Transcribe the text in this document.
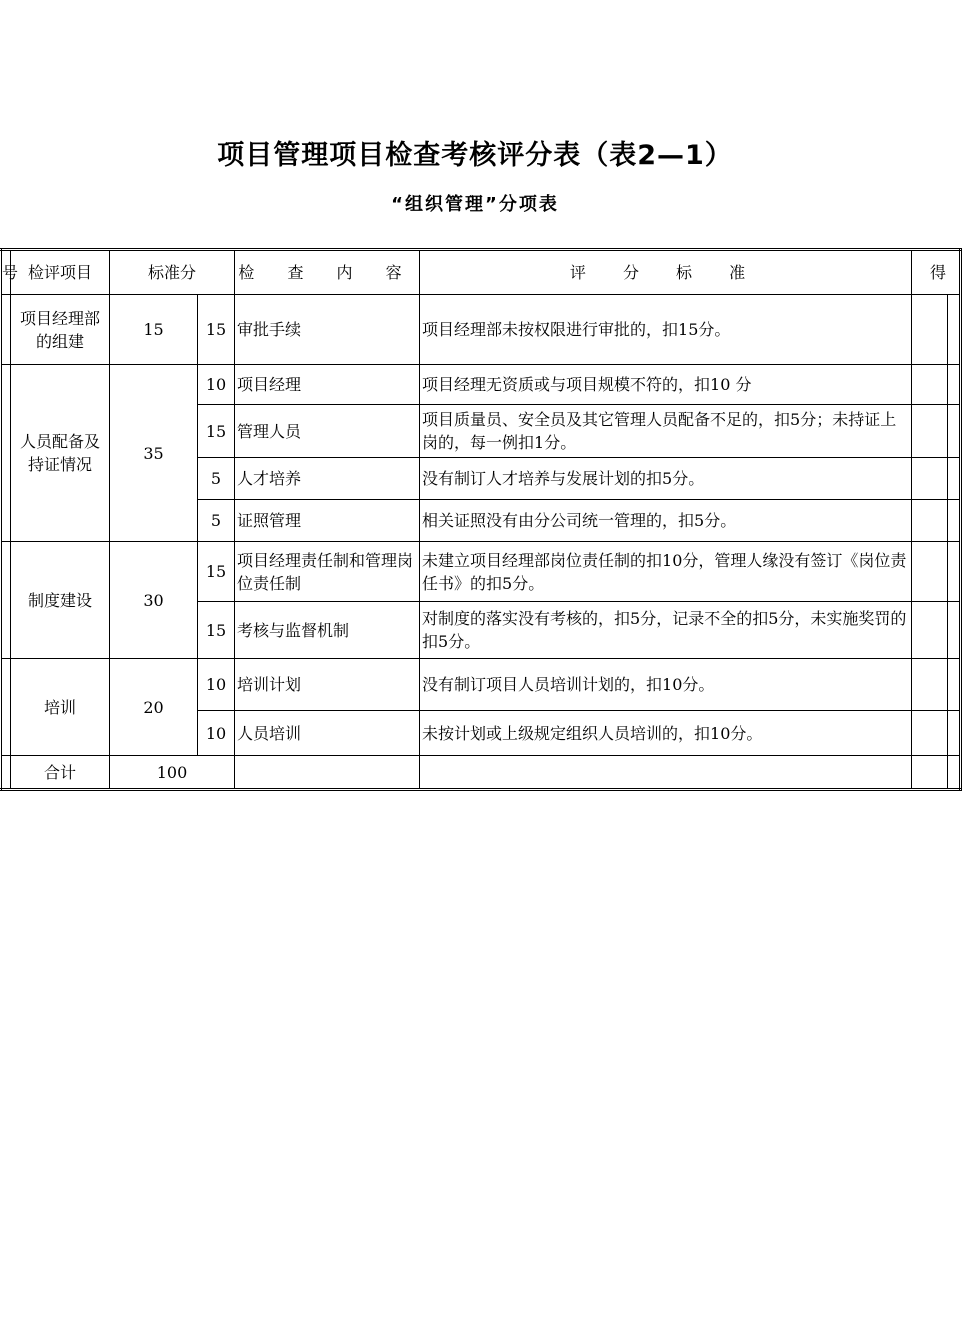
项目管理项目检查考核评分表（表2—1）
“组织管理”分项表
号	检评项目	标准分		检 查 内 容	评 分 标 准	得	
	项目经理部的组建	15	15	审批手续	项目经理部未按权限进行审批的，扣15分。		
	人员配备及持证情况	35	10	项目经理	项目经理无资质或与项目规模不符的，扣10 分		
			15	管理人员	项目质量员、安全员及其它管理人员配备不足的，扣5分；未持证上岗的，每一例扣1分。		
			5	人才培养	没有制订人才培养与发展计划的扣5分。		
			5	证照管理	相关证照没有由分公司统一管理的，扣5分。		
	制度建设	30	15	项目经理责任制和管理岗位责任制	未建立项目经理部岗位责任制的扣10分，管理人缘没有签订《岗位责任书》的扣5分。		
			15	考核与监督机制	对制度的落实没有考核的，扣5分，记录不全的扣5分，未实施奖罚的扣5分。		
	培训	20	10	培训计划	没有制订项目人员培训计划的，扣10分。		
			10	人员培训	未按计划或上级规定组织人员培训的，扣10分。		
	合计	100					
